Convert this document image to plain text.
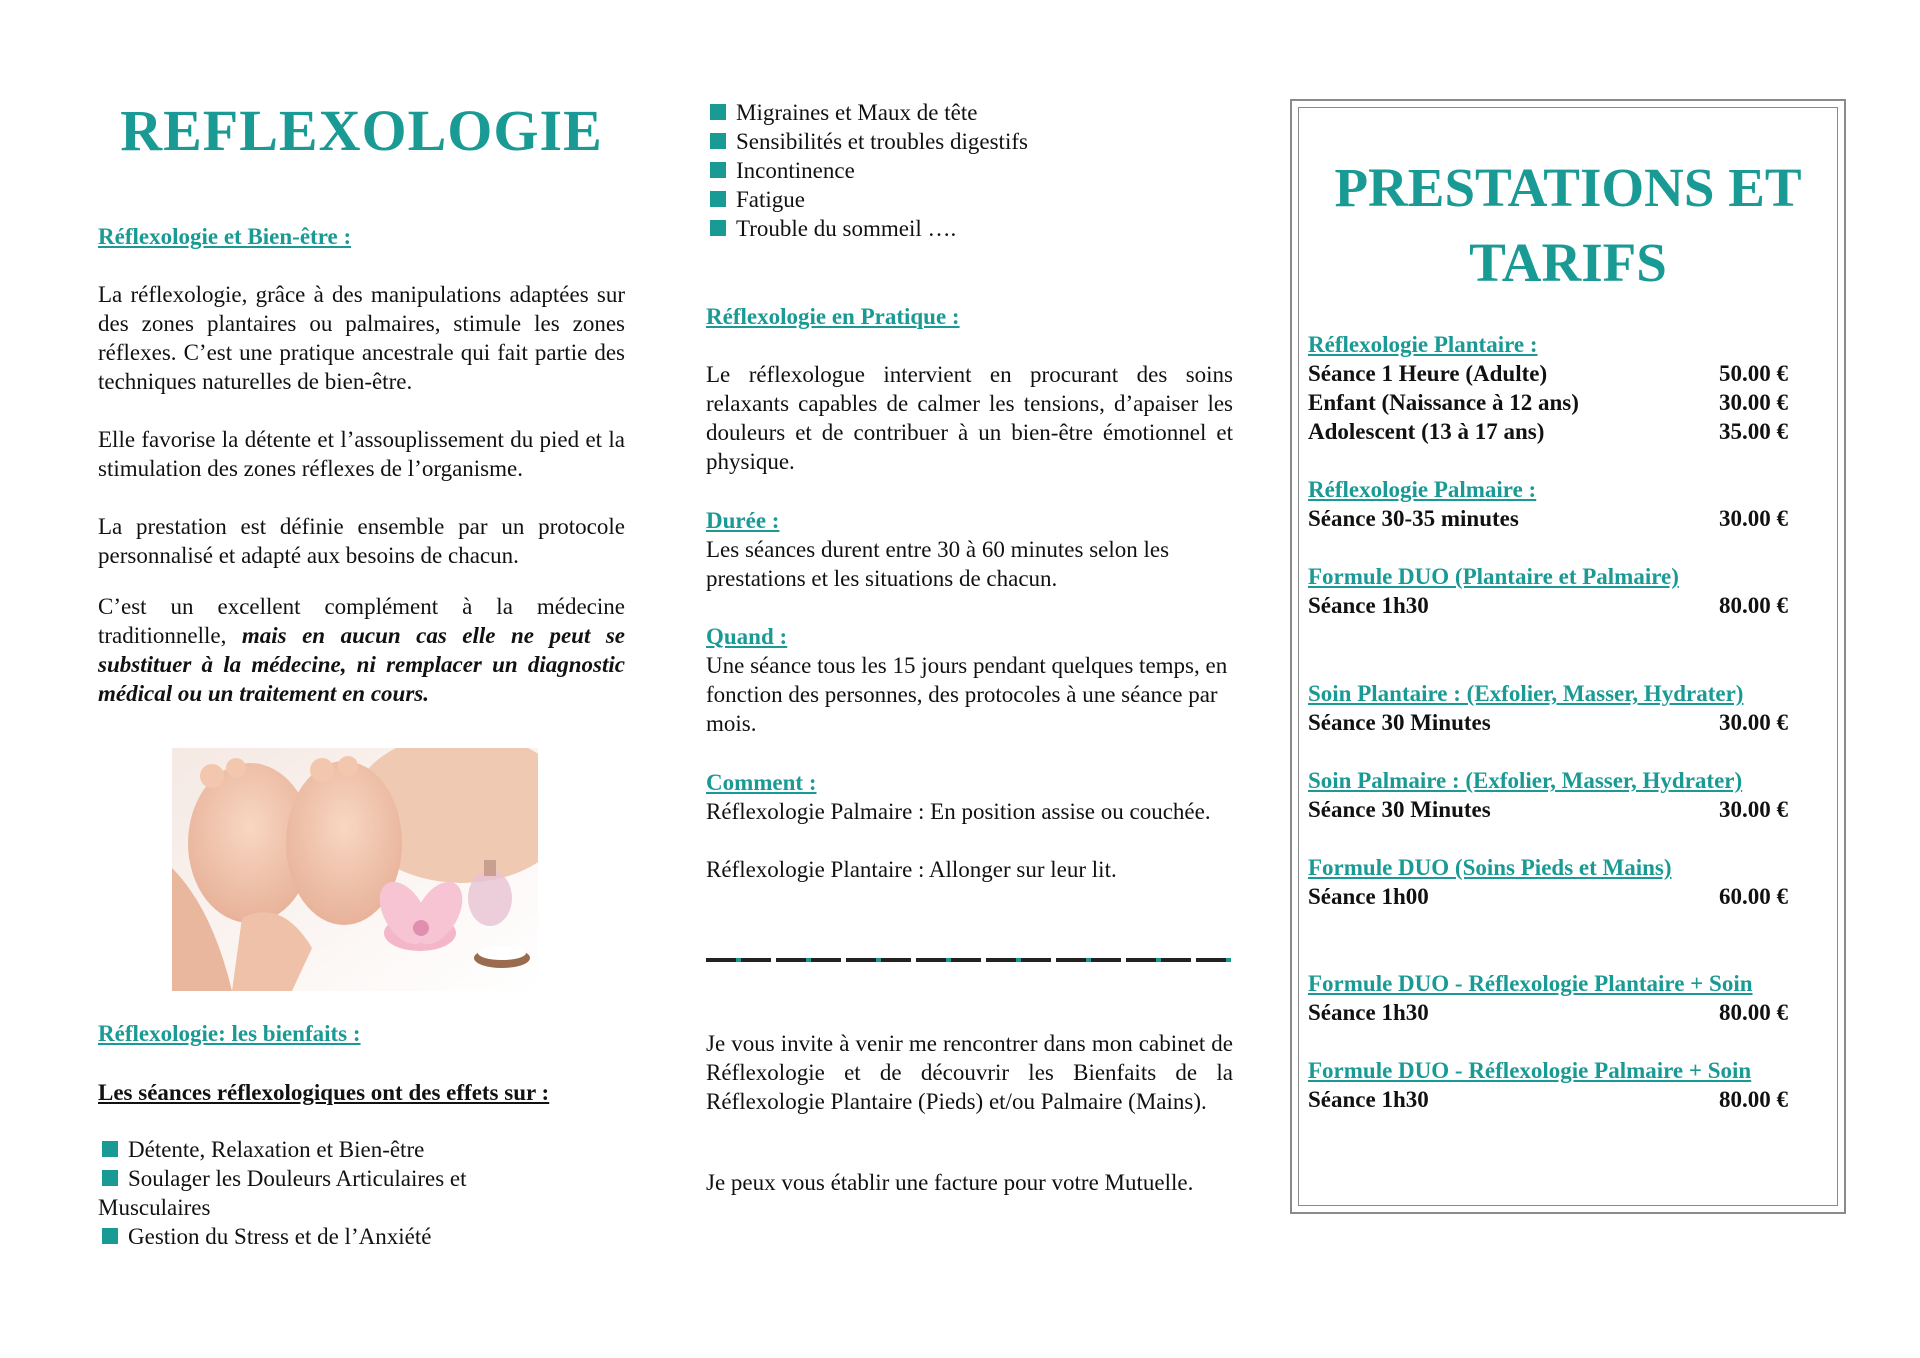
REFLEXOLOGIE

Réflexologie et Bien-être :

La réflexologie, grâce à des manipulations adaptées sur des zones plantaires ou palmaires, stimule les zones réflexes. C’est une pratique ancestrale qui fait partie des techniques naturelles de bien-être.

Elle favorise la détente et l’assouplissement du pied et la stimulation des zones réflexes de l’organisme.

La prestation est définie ensemble par un protocole personnalisé et adapté aux besoins de chacun.

C’est un excellent complément à la médecine traditionnelle, mais en aucun cas elle ne peut se substituer à la médecine, ni remplacer un diagnostic médical ou un traitement en cours.

Réflexologie: les bienfaits :

Les séances réflexologiques ont des effets sur :

Détente, Relaxation et Bien-être
Soulager les Douleurs Articulaires et Musculaires
Gestion du Stress et de l’Anxiété
Migraines et Maux de tête
Sensibilités et troubles digestifs
Incontinence
Fatigue
Trouble du sommeil ….

Réflexologie en Pratique :

Le réflexologue intervient en procurant des soins relaxants capables de calmer les tensions, d’apaiser les douleurs et de contribuer à un bien-être émotionnel et physique.

Durée :

Les séances durent entre 30 à 60 minutes selon les prestations et les situations de chacun.

Quand :

Une séance tous les 15 jours pendant quelques temps, en fonction des personnes, des protocoles à une séance par mois.

Comment :

Réflexologie Palmaire : En position assise ou couchée.

Réflexologie Plantaire : Allonger sur leur lit.

Je vous invite à venir me rencontrer dans mon cabinet de Réflexologie et de découvrir les Bienfaits de la Réflexologie Plantaire (Pieds) et/ou Palmaire (Mains).

Je peux vous établir une facture pour votre Mutuelle.

PRESTATIONS ET
TARIFS

Réflexologie Plantaire :

Séance 1 Heure (Adulte)	50.00 €

Enfant (Naissance à 12 ans)	30.00 €

Adolescent (13 à 17 ans)	35.00 €

Réflexologie Palmaire :

Séance 30-35 minutes	30.00 €

Formule DUO (Plantaire et Palmaire)

Séance 1h30	80.00 €

Soin Plantaire : (Exfolier, Masser, Hydrater)

Séance 30 Minutes	30.00 €

Soin Palmaire : (Exfolier, Masser, Hydrater)

Séance 30 Minutes	30.00 €

Formule DUO (Soins Pieds et Mains)

Séance 1h00	60.00 €

Formule DUO - Réflexologie Plantaire + Soin

Séance 1h30	80.00 €

Formule DUO - Réflexologie Palmaire + Soin

Séance 1h30	80.00 €
